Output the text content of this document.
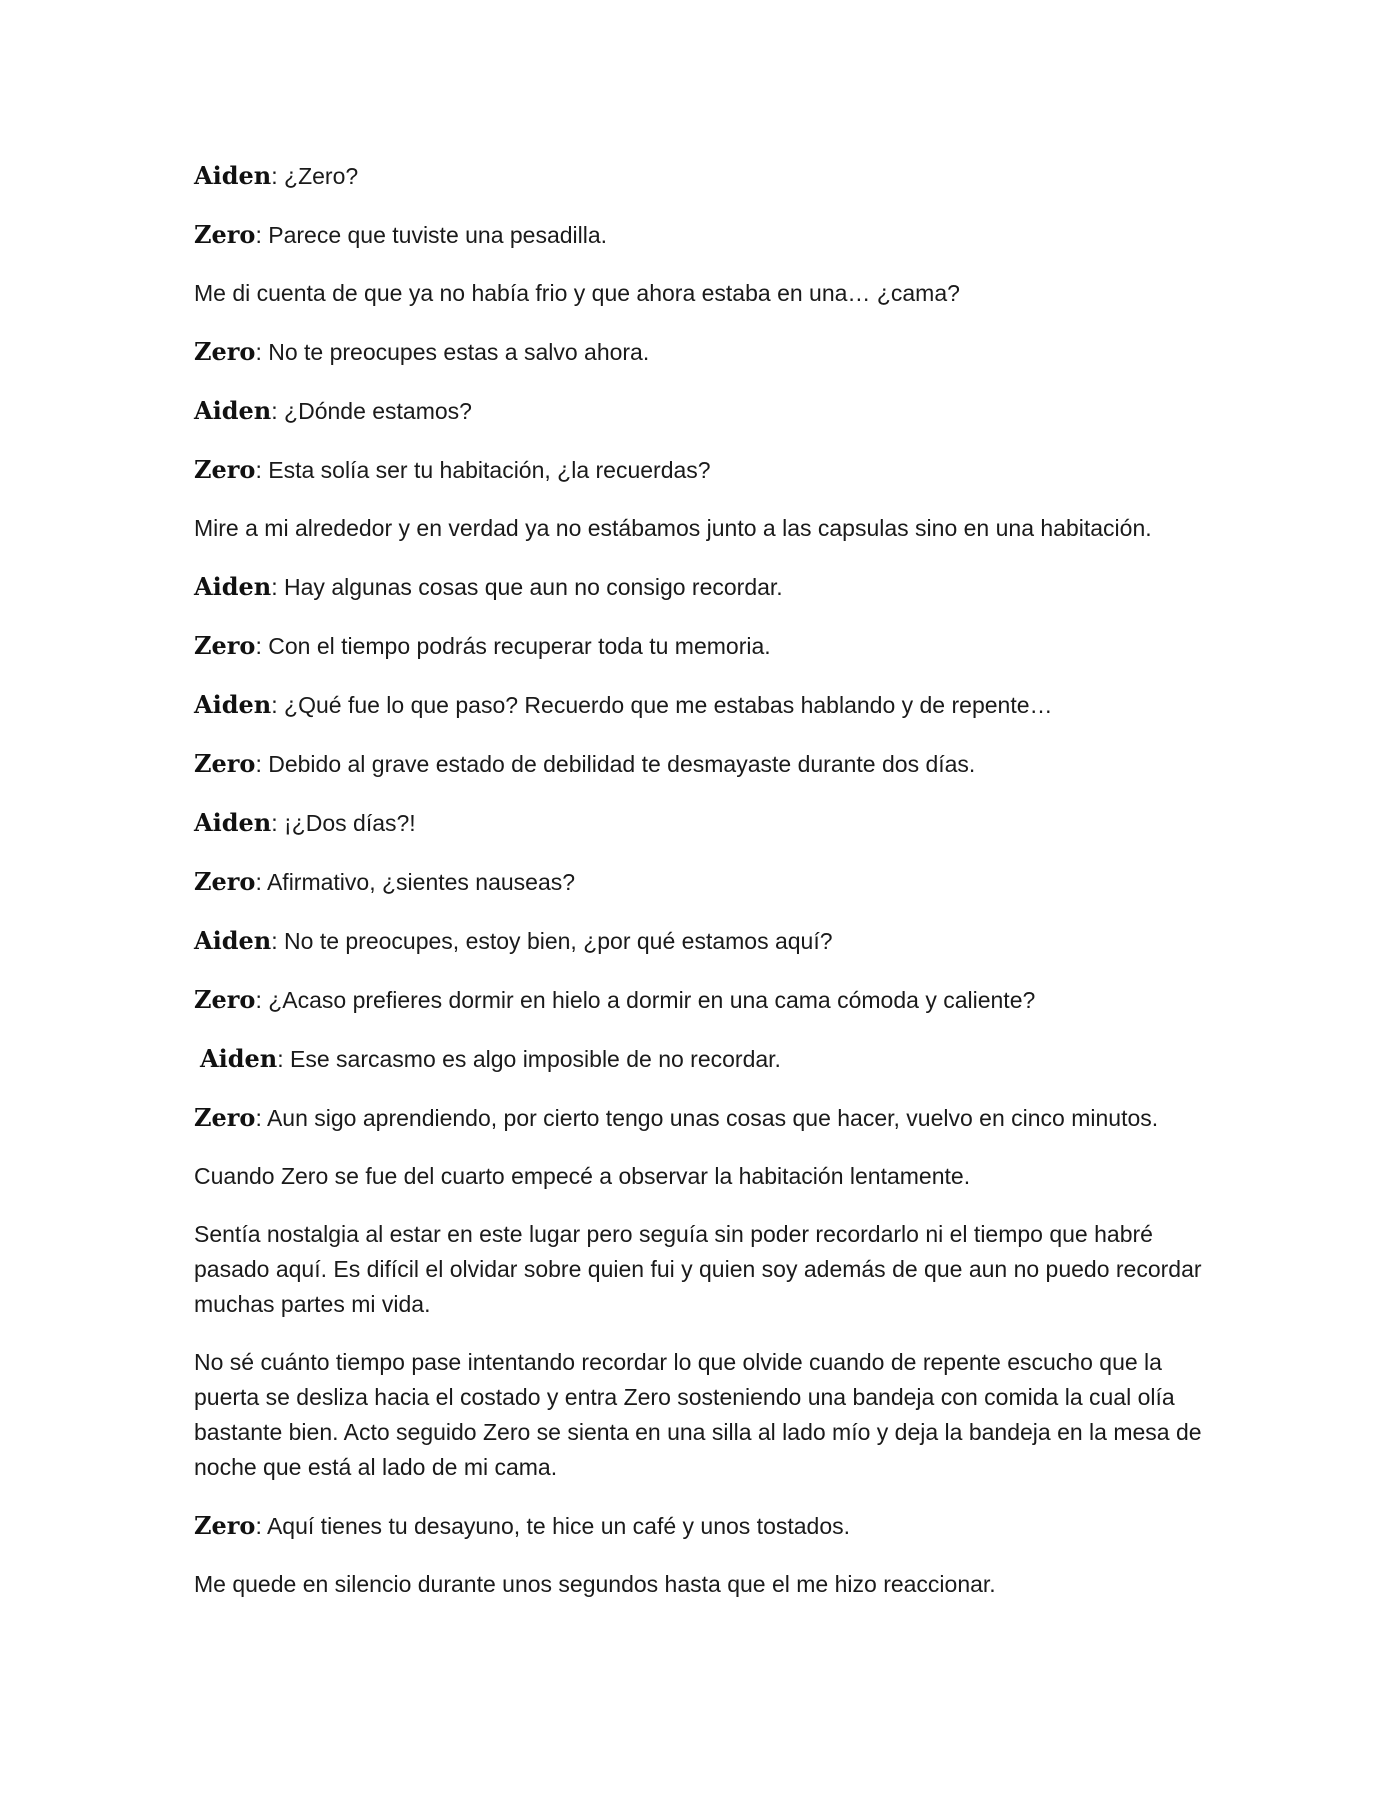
Aiden: ¿Zero?

Zero: Parece que tuviste una pesadilla.

Me di cuenta de que ya no había frio y que ahora estaba en una… ¿cama?

Zero: No te preocupes estas a salvo ahora.

Aiden: ¿Dónde estamos?

Zero: Esta solía ser tu habitación, ¿la recuerdas?

Mire a mi alrededor y en verdad ya no estábamos junto a las capsulas sino en una habitación.

Aiden: Hay algunas cosas que aun no consigo recordar.

Zero: Con el tiempo podrás recuperar toda tu memoria.

Aiden: ¿Qué fue lo que paso? Recuerdo que me estabas hablando y de repente…

Zero: Debido al grave estado de debilidad te desmayaste durante dos días.

Aiden: ¡¿Dos días?!

Zero: Afirmativo, ¿sientes nauseas?

Aiden: No te preocupes, estoy bien, ¿por qué estamos aquí?

Zero: ¿Acaso prefieres dormir en hielo a dormir en una cama cómoda y caliente?

Aiden: Ese sarcasmo es algo imposible de no recordar.

Zero: Aun sigo aprendiendo, por cierto tengo unas cosas que hacer, vuelvo en cinco minutos.

Cuando Zero se fue del cuarto empecé a observar la habitación lentamente.

Sentía nostalgia al estar en este lugar pero seguía sin poder recordarlo ni el tiempo que habré pasado aquí. Es difícil el olvidar sobre quien fui y quien soy además de que aun no puedo recordar muchas partes mi vida.

No sé cuánto tiempo pase intentando recordar lo que olvide cuando de repente escucho que la puerta se desliza hacia el costado y entra Zero sosteniendo una bandeja con comida la cual olía bastante bien. Acto seguido Zero se sienta en una silla al lado mío y deja la bandeja en la mesa de noche que está al lado de mi cama.

Zero: Aquí tienes tu desayuno, te hice un café y unos tostados.

Me quede en silencio durante unos segundos hasta que el me hizo reaccionar.
